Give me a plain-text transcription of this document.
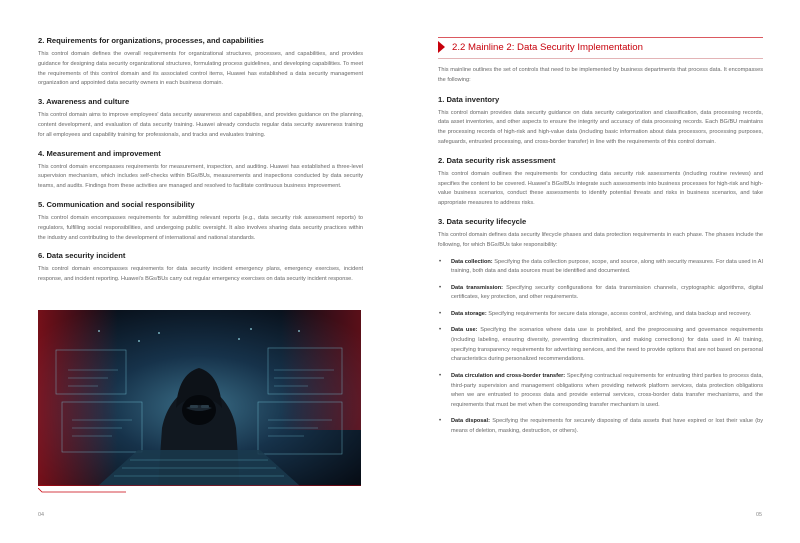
2. Requirements for organizations, processes, and capabilities

This control domain defines the overall requirements for organizational structures, processes, and capabilities, and provides guidance for designing data security organizational structures, formulating process guidelines, and developing capabilities. To meet the requirements of this control domain and its associated control items, Huawei has established a data security management organization and appointed data security owners in each business domain.

3. Awareness and culture

This control domain aims to improve employees' data security awareness and capabilities, and provides guidance on the planning, content development, and evaluation of data security training. Huawei already conducts regular data security awareness training for all employees and capability training for professionals, and tracks and evaluates training.

4. Measurement and improvement

This control domain encompasses requirements for measurement, inspection, and auditing. Huawei has established a three-level supervision mechanism, which includes self-checks within BGs/BUs, measurements and inspections conducted by data security teams, and audits. Findings from these activities are managed and resolved to facilitate continuous business improvement.

5. Communication and social responsibility

This control domain encompasses requirements for submitting relevant reports (e.g., data security risk assessment reports) to regulators, fulfilling social responsibilities, and undergoing public oversight. It also involves sharing data security practices within the industry and contributing to the development of international and national standards.

6. Data security incident

This control domain encompasses requirements for data security incident emergency plans, emergency exercises, incident response, and incident reporting. Huawei's BGs/BUs carry out regular emergency exercises on data security incident response.

04
2.2 Mainline 2: Data Security Implementation

This mainline outlines the set of controls that need to be implemented by business departments that process data. It encompasses the following:

1. Data inventory

This control domain provides data security guidance on data security categorization and classification, data processing records, data asset inventories, and other aspects to ensure the integrity and accuracy of data processing records. Each BG/BU maintains the processing records of high-risk and high-value data (including basic information about data processors, processing purposes, safeguards, entrusted processing, and cross-border transfer) in line with the requirements of this control domain.

2. Data security risk assessment

This control domain outlines the requirements for conducting data security risk assessments (including routine reviews) and specifies the content to be covered. Huawei's BGs/BUs integrate such assessments into business processes for high-risk and high-value business scenarios, conduct these assessments to identify potential threats and risks in business scenarios, and take appropriate measures to address risks.

3. Data security lifecycle

This control domain defines data security lifecycle phases and data protection requirements in each phase. The phases include the following, for which BGs/BUs take responsibility:

• Data collection: Specifying the data collection purpose, scope, and source, along with security measures. For data used in AI training, both data and data sources must be identified and documented.
• Data transmission: Specifying security configurations for data transmission channels, cryptographic algorithms, digital certificates, key protection, and other requirements.
• Data storage: Specifying requirements for secure data storage, access control, archiving, and data backup and recovery.
• Data use: Specifying the scenarios where data use is prohibited, and the preprocessing and governance requirements (including labeling, ensuring diversity, preventing discrimination, and making corrections) for data used in AI training, specifying transparency requirements for advertising services, and the need to provide options that are not based on personal characteristics during personalized recommendations.
• Data circulation and cross-border transfer: Specifying contractual requirements for entrusting third parties to process data, third-party supervision and management obligations when providing network platform services, data protection obligations when we are entrusted to process data and provide external services, cross-border data transfer mechanisms, and the requirements that must be met when the corresponding transfer mechanism is used.
• Data disposal: Specifying the requirements for securely disposing of data assets that have expired or lost their value (by means of deletion, masking, destruction, or others).
05
